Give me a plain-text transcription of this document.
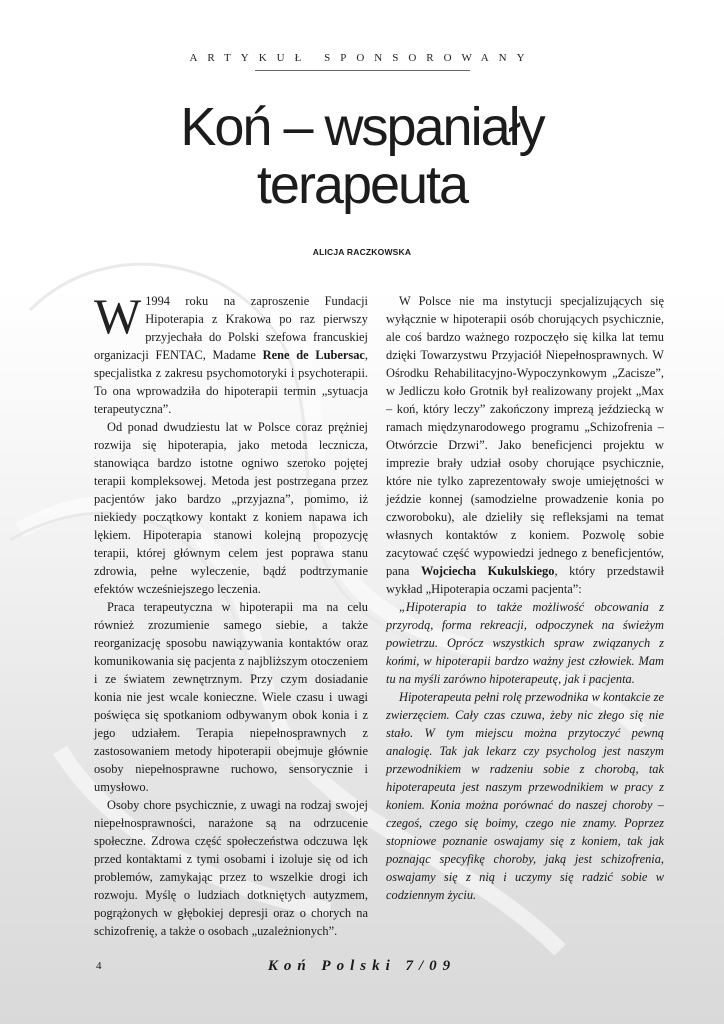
ARTYKUŁ SPONSOROWANY
Koń – wspaniały
terapeuta
ALICJA RACZKOWSKA

W 1994 roku na zaproszenie Fundacji Hipoterapia z Krakowa po raz pierwszy przyjechała do Polski szefowa francuskiej organizacji FENTAC, Madame Rene de Lubersac, specjalistka z zakresu psychomotoryki i psychoterapii. To ona wprowadziła do hipoterapii termin „sytuacja terapeutyczna”.

Od ponad dwudziestu lat w Polsce coraz prężniej rozwija się hipoterapia, jako metoda lecznicza, stanowiąca bardzo istotne ogniwo szeroko pojętej terapii kompleksowej. Metoda jest postrzegana przez pacjentów jako bardzo „przyjazna”, pomimo, iż niekiedy początkowy kontakt z koniem napawa ich lękiem. Hipoterapia stanowi kolejną propozycję terapii, której głównym celem jest poprawa stanu zdrowia, pełne wyleczenie, bądź podtrzymanie efektów wcześniejszego leczenia.

Praca terapeutyczna w hipoterapii ma na celu również zrozumienie samego siebie, a także reorganizację sposobu nawiązywania kontaktów oraz komunikowania się pacjenta z najbliższym otoczeniem i ze światem zewnętrznym. Przy czym dosiadanie konia nie jest wcale konieczne. Wiele czasu i uwagi poświęca się spotkaniom odbywanym obok konia i z jego udziałem. Terapia niepełnosprawnych z zastosowaniem metody hipoterapii obejmuje głównie osoby niepełnosprawne ruchowo, sensorycznie i umysłowo.

Osoby chore psychicznie, z uwagi na rodzaj swojej niepełnosprawności, narażone są na odrzucenie społeczne. Zdrowa część społeczeństwa odczuwa lęk przed kontaktami z tymi osobami i izoluje się od ich problemów, zamykając przez to wszelkie drogi ich rozwoju. Myślę o ludziach dotkniętych autyzmem, pogrążonych w głębokiej depresji oraz o chorych na schizofrenię, a także o osobach „uzależnionych”.

W Polsce nie ma instytucji specjalizujących się wyłącznie w hipoterapii osób chorujących psychicznie, ale coś bardzo ważnego rozpoczęło się kilka lat temu dzięki Towarzystwu Przyjaciół Niepełnosprawnych. W Ośrodku Rehabilitacyjno-Wypoczynkowym „Zacisze”, w Jedliczu koło Grotnik był realizowany projekt „Max – koń, który leczy” zakończony imprezą jeździecką w ramach międzynarodowego programu „Schizofrenia – Otwórzcie Drzwi”. Jako beneficjenci projektu w imprezie brały udział osoby chorujące psychicznie, które nie tylko zaprezentowały swoje umiejętności w jeździe konnej (samodzielne prowadzenie konia po czworoboku), ale dzieliły się refleksjami na temat własnych kontaktów z koniem. Pozwolę sobie zacytować część wypowiedzi jednego z beneficjentów, pana Wojciecha Kukulskiego, który przedstawił wykład „Hipoterapia oczami pacjenta”:

„Hipoterapia to także możliwość obcowania z przyrodą, forma rekreacji, odpoczynek na świeżym powietrzu. Oprócz wszystkich spraw związanych z końmi, w hipoterapii bardzo ważny jest człowiek. Mam tu na myśli zarówno hipoterapeutę, jak i pacjenta.

Hipoterapeuta pełni rolę przewodnika w kontakcie ze zwierzęciem. Cały czas czuwa, żeby nic złego się nie stało. W tym miejscu można przytoczyć pewną analogię. Tak jak lekarz czy psycholog jest naszym przewodnikiem w radzeniu sobie z chorobą, tak hipoterapeuta jest naszym przewodnikiem w pracy z koniem. Konia można porównać do naszej choroby – czegoś, czego się boimy, czego nie znamy. Poprzez stopniowe poznanie oswajamy się z koniem, tak jak poznając specyfikę choroby, jaką jest schizofrenia, oswajamy się z nią i uczymy się radzić sobie w codziennym życiu.

4	Koń Polski 7/09
